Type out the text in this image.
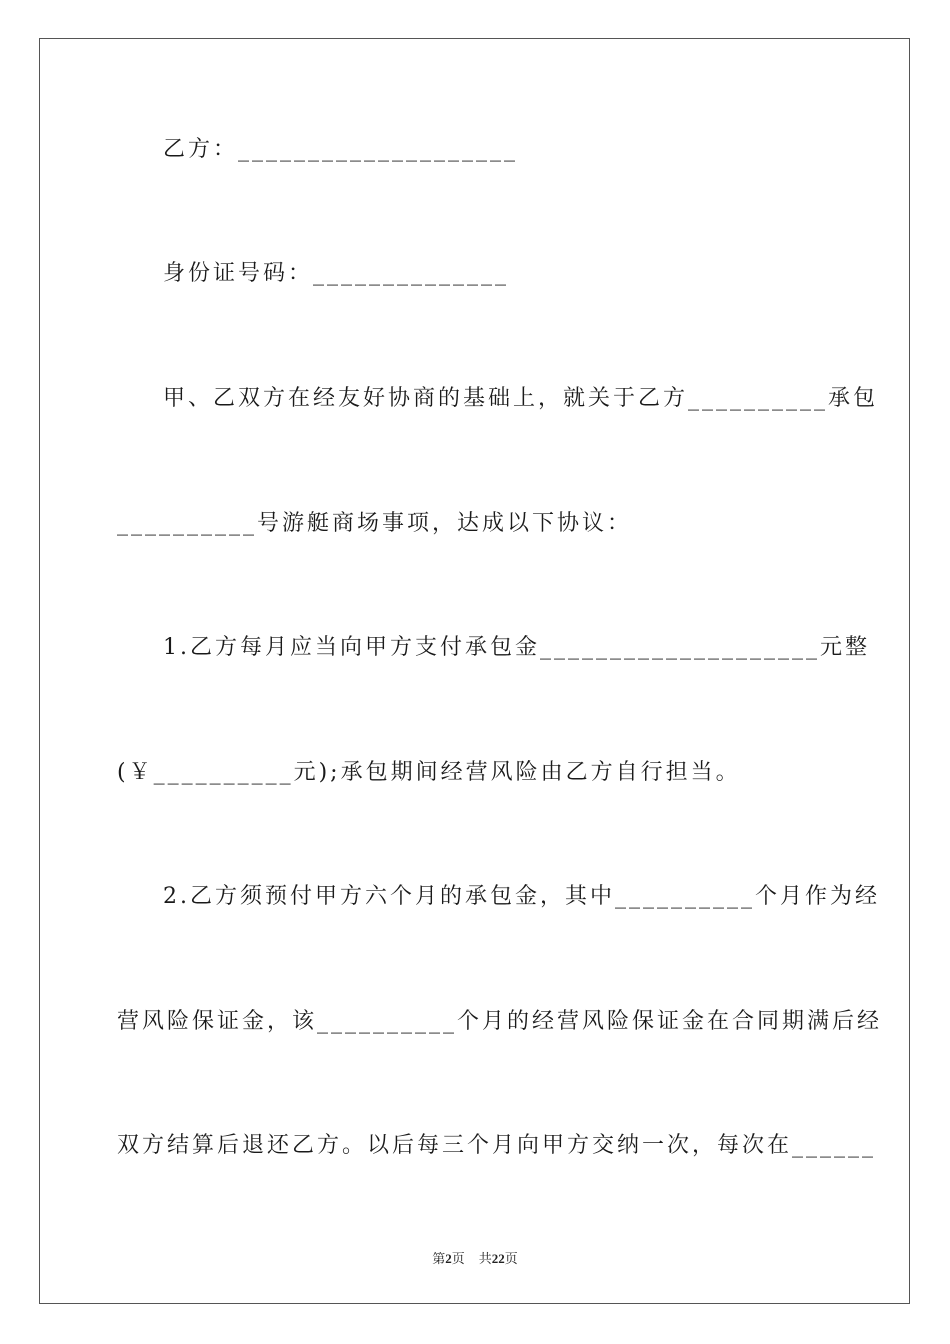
乙方：____________________
身份证号码：______________
甲、乙双方在经友好协商的基础上，就关于乙方__________承包
__________号游艇商场事项，达成以下协议：
1.乙方每月应当向甲方支付承包金____________________元整
(￥__________元);承包期间经营风险由乙方自行担当。
2.乙方须预付甲方六个月的承包金，其中__________个月作为经
营风险保证金，该__________个月的经营风险保证金在合同期满后经
双方结算后退还乙方。以后每三个月向甲方交纳一次，每次在______
第2页 共22页
